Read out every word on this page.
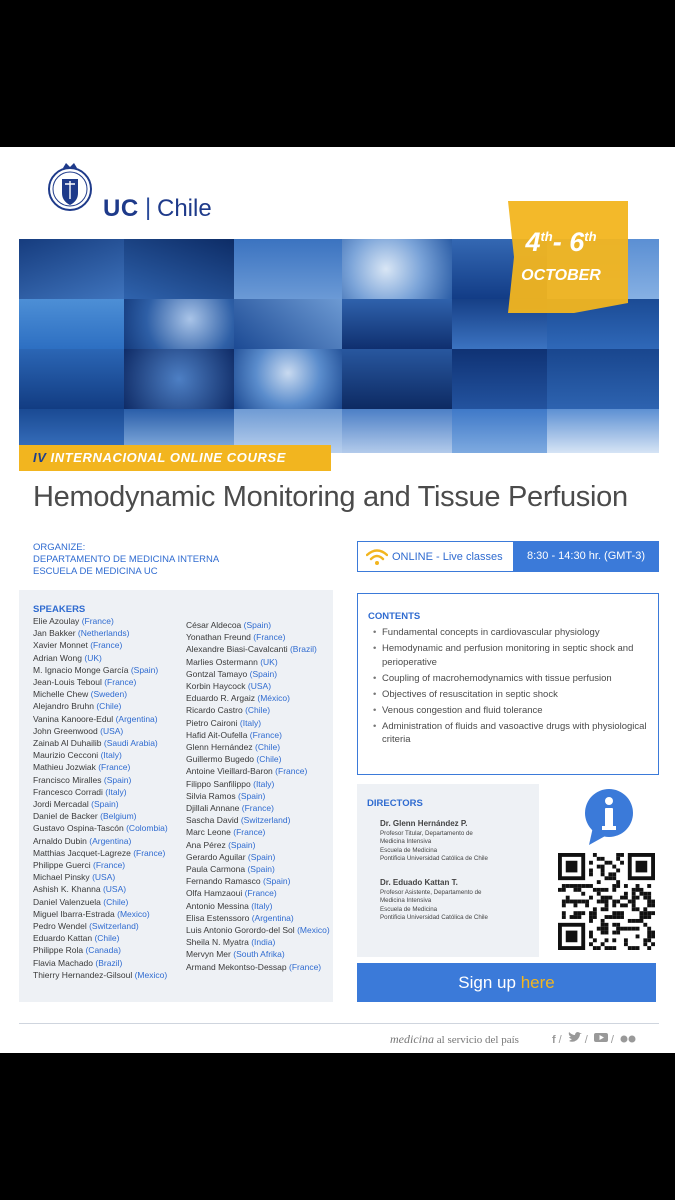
UC | Chile
4th- 6th
OCTOBER
IV INTERNACIONAL ONLINE COURSE
Hemodynamic Monitoring and Tissue Perfusion
ORGANIZE:
DEPARTAMENTO DE MEDICINA INTERNA
ESCUELA DE MEDICINA UC
ONLINE - Live classes	8:30 - 14:30 hr. (GMT-3)
SPEAKERS
Elie Azoulay (France)
Jan Bakker (Netherlands)
Xavier Monnet (France)
Adrian Wong (UK)
M. Ignacio Monge García (Spain)
Jean-Louis Teboul (France)
Michelle Chew (Sweden)
Alejandro Bruhn (Chile)
Vanina Kanoore-Edul (Argentina)
John Greenwood (USA)
Zainab Al Duhailib (Saudi Arabia)
Maurizio Cecconi (Italy)
Mathieu Jozwiak (France)
Francisco Miralles (Spain)
Francesco Corradi (Italy)
Jordi Mercadal (Spain)
Daniel de Backer (Belgium)
Gustavo Ospina-Tascón (Colombia)
Arnaldo Dubin (Argentina)
Matthias Jacquet-Lagreze (France)
Philippe Guerci (France)
Michael Pinsky (USA)
Ashish K. Khanna (USA)
Daniel Valenzuela (Chile)
Miguel Ibarra-Estrada (Mexico)
Pedro Wendel (Switzerland)
Eduardo Kattan (Chile)
Philippe Rola (Canada)
Flavia Machado (Brazil)
Thierry Hernandez-Gilsoul (Mexico)
César Aldecoa (Spain)
Yonathan Freund (France)
Alexandre Biasi-Cavalcanti (Brazil)
Marlies Ostermann (UK)
Gontzal Tamayo (Spain)
Korbin Haycock (USA)
Eduardo R. Argaiz (México)
Ricardo Castro (Chile)
Pietro Caironi (Italy)
Hafid Ait-Oufella (France)
Glenn Hernández (Chile)
Guillermo Bugedo (Chile)
Antoine Vieillard-Baron (France)
Filippo Sanfilippo (Italy)
Silvia Ramos (Spain)
Djillali Annane (France)
Sascha David (Switzerland)
Marc Leone (France)
Ana Pérez (Spain)
Gerardo Aguilar (Spain)
Paula Carmona (Spain)
Fernando Ramasco (Spain)
Olfa Hamzaoui (France)
Antonio Messina (Italy)
Elisa Estenssoro (Argentina)
Luis Antonio Gorordo-del Sol (Mexico)
Sheila N. Myatra (India)
Mervyn Mer (South Afrika)
Armand Mekontso-Dessap (France)
CONTENTS
• Fundamental concepts in cardiovascular physiology
• Hemodynamic and perfusion monitoring in septic shock and perioperative
• Coupling of macrohemodynamics with tissue perfusion
• Objectives of resuscitation in septic shock
• Venous congestion and fluid tolerance
• Administration of fluids and vasoactive drugs with physiological criteria
DIRECTORS
Dr. Glenn Hernández P.
Profesor Titular, Departamento de
Medicina Intensiva
Escuela de Medicina
Pontificia Universidad Católica de Chile
Dr. Eduado Kattan T.
Profesor Asistente, Departamento de
Medicina Intensiva
Escuela de Medicina
Pontificia Universidad Católica de Chile
Sign up here
medicina al servicio del país	f / / /
